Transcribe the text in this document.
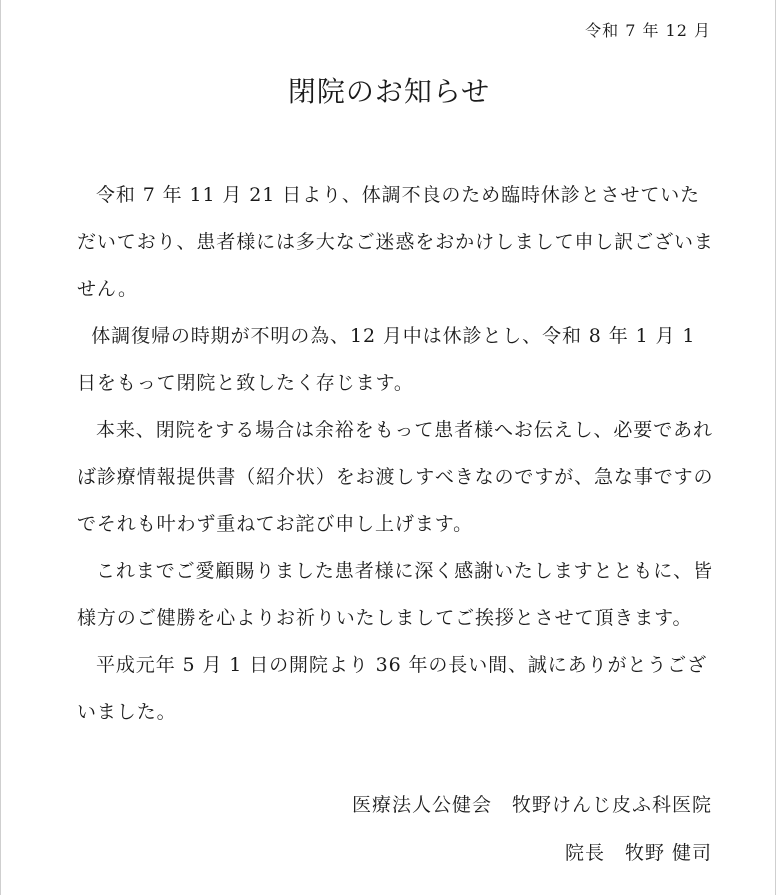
令和 7 年 12 月
閉院のお知らせ

令和 7 年 11 月 21 日より、体調不良のため臨時休診とさせていただいており、患者様には多大なご迷惑をおかけしまして申し訳ございません。

体調復帰の時期が不明の為、12 月中は休診とし、令和 8 年 1 月 1 日をもって閉院と致したく存じます。

本来、閉院をする場合は余裕をもって患者様へお伝えし、必要であれば診療情報提供書（紹介状）をお渡しすべきなのですが、急な事ですのでそれも叶わず重ねてお詫び申し上げます。

これまでご愛顧賜りました患者様に深く感謝いたしますとともに、皆様方のご健勝を心よりお祈りいたしましてご挨拶とさせて頂きます。

平成元年 5 月 1 日の開院より 36 年の長い間、誠にありがとうございました。

医療法人公健会　牧野けんじ皮ふ科医院
院長　牧野 健司
